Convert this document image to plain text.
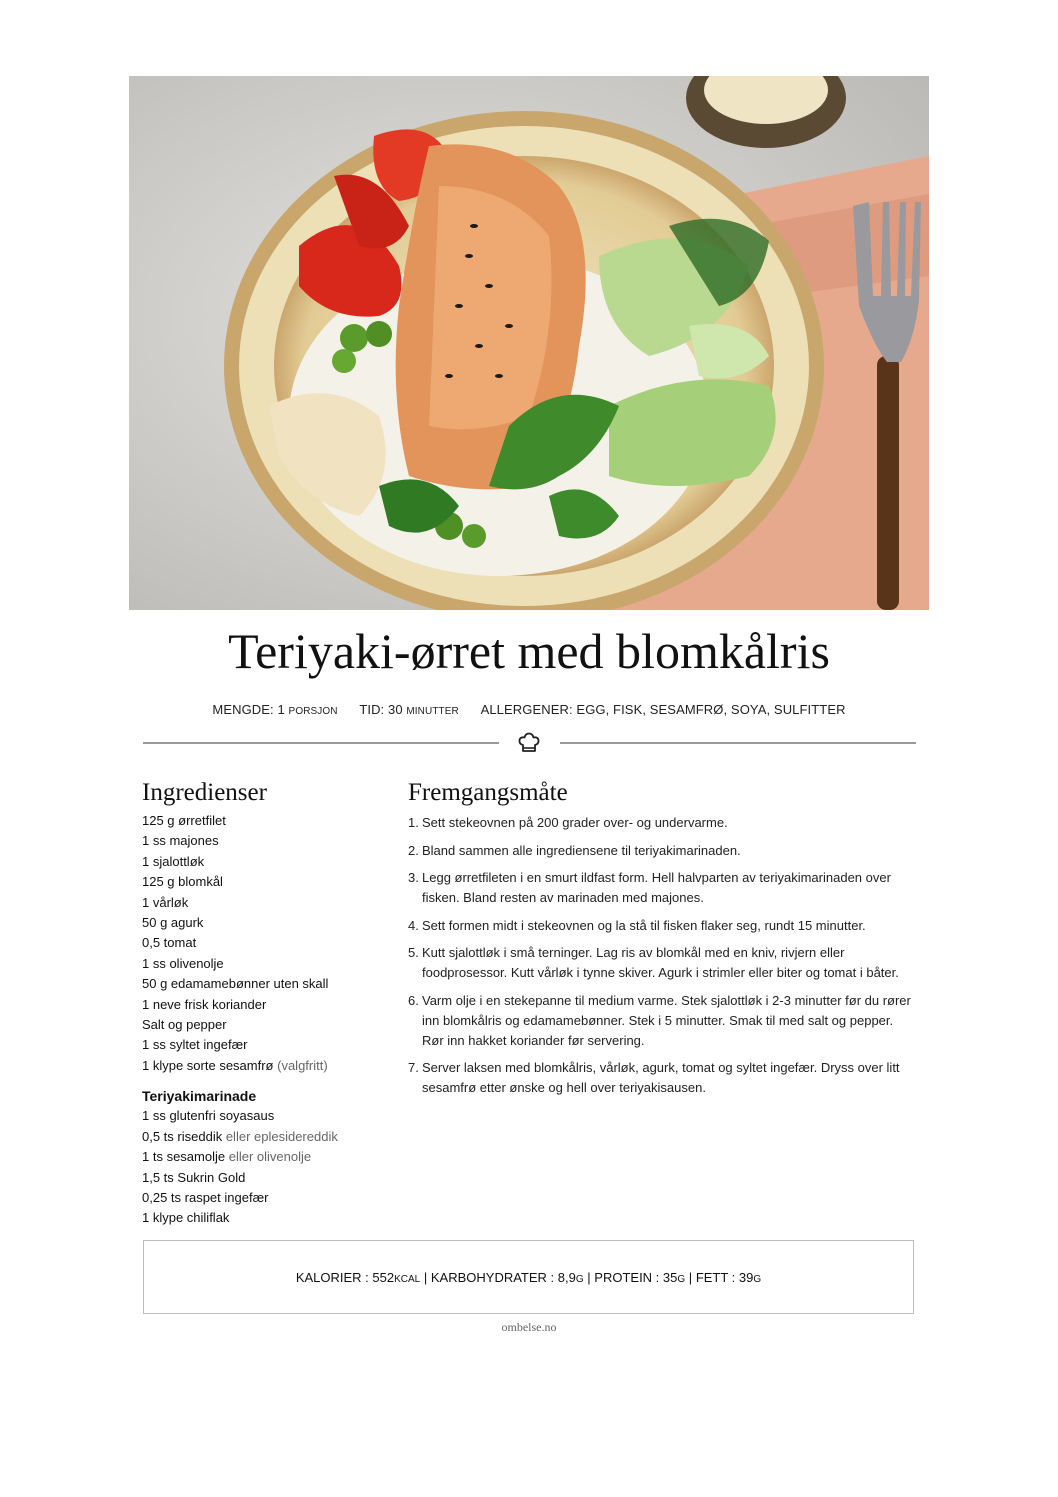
Teriyaki-ørret med blomkålris
MENGDE: 1 PORSJON TID: 30 MINUTTER ALLERGENER: EGG, FISK, SESAMFRØ, SOYA, SULFITTER
Ingredienser
125 g ørretfilet
1 ss majones
1 sjalottløk
125 g blomkål
1 vårløk
50 g agurk
0,5 tomat
1 ss olivenolje
50 g edamamebønner uten skall
1 neve frisk koriander
Salt og pepper
1 ss syltet ingefær
1 klype sorte sesamfrø (valgfritt)
Teriyakimarinade
1 ss glutenfri soyasaus
0,5 ts riseddik eller eplesidereddik
1 ts sesamolje eller olivenolje
1,5 ts Sukrin Gold
0,25 ts raspet ingefær
1 klype chiliflak
Fremgangsmåte
1. Sett stekeovnen på 200 grader over- og undervarme.
2. Bland sammen alle ingrediensene til teriyakimarinaden.
3. Legg ørretfileten i en smurt ildfast form. Hell halvparten av teriyakimarinaden over fisken. Bland resten av marinaden med majones.
4. Sett formen midt i stekeovnen og la stå til fisken flaker seg, rundt 15 minutter.
5. Kutt sjalottløk i små terninger. Lag ris av blomkål med en kniv, rivjern eller foodprosessor. Kutt vårløk i tynne skiver. Agurk i strimler eller biter og tomat i båter.
6. Varm olje i en stekepanne til medium varme. Stek sjalottløk i 2-3 minutter før du rører inn blomkålris og edamamebønner. Stek i 5 minutter. Smak til med salt og pepper. Rør inn hakket koriander før servering.
7. Server laksen med blomkålris, vårløk, agurk, tomat og syltet ingefær. Dryss over litt sesamfrø etter ønske og hell over teriyakisausen.
KALORIER : 552KCAL | KARBOHYDRATER : 8,9G | PROTEIN : 35G | FETT : 39G
ombelse.no
